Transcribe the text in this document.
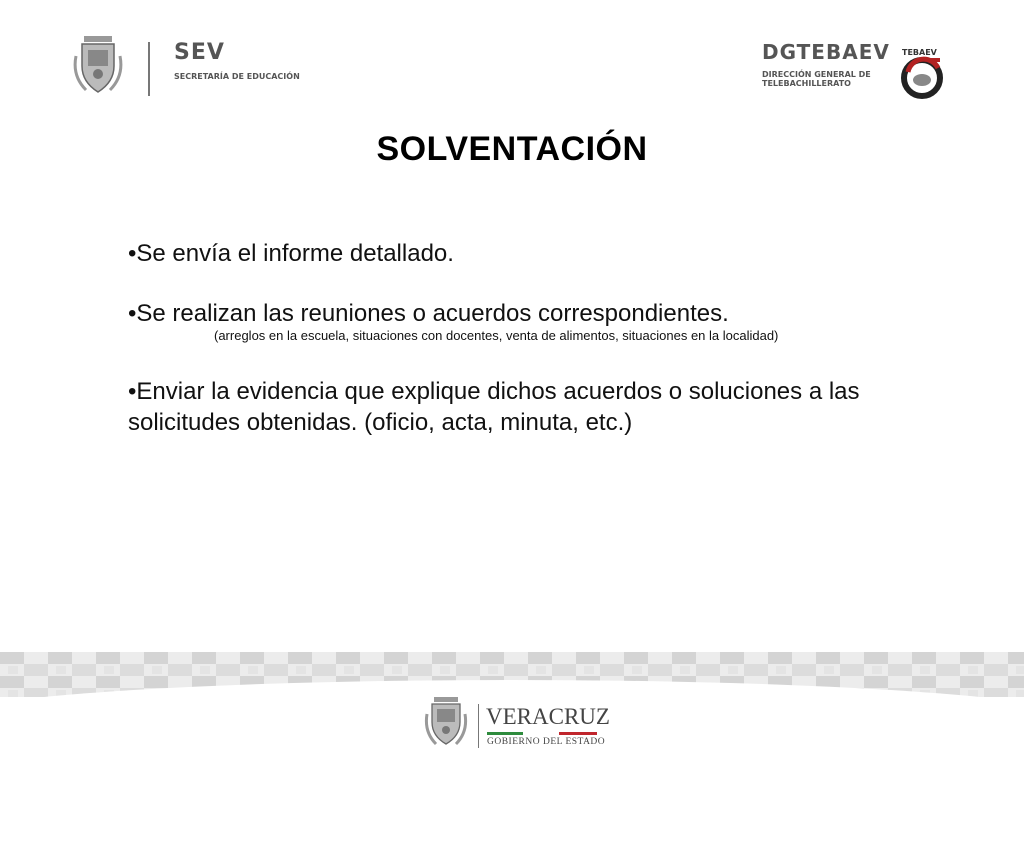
SEV
SECRETARÍA DE EDUCACIÓN
DGTEBAEV
DIRECCIÓN GENERAL DE
TELEBACHILLERATO
TEBAEV
SOLVENTACIÓN
•Se envía el informe detallado.
•Se realizan las reuniones o acuerdos correspondientes.
(arreglos en la escuela, situaciones con docentes, venta de alimentos, situaciones en la localidad)
•Enviar la evidencia que explique dichos acuerdos o soluciones a las
solicitudes obtenidas. (oficio, acta, minuta, etc.)
VERACRUZ
GOBIERNO DEL ESTADO
